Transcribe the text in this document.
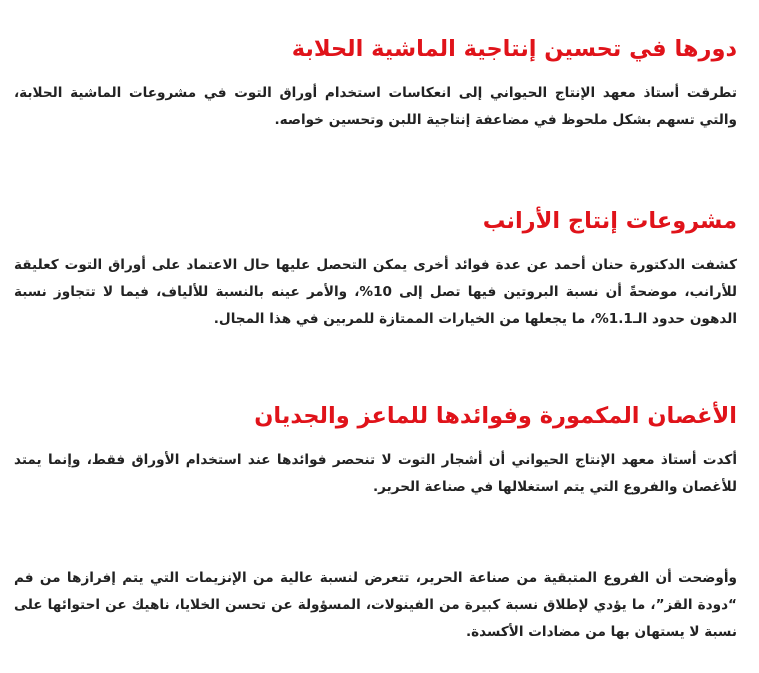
دورها في تحسين إنتاجية الماشية الحلابة

تطرقت أستاذ معهد الإنتاج الحيواني إلى انعكاسات استخدام أوراق التوت في مشروعات الماشية الحلابة، والتي تسهم بشكل ملحوظ في مضاعفة إنتاجية اللبن وتحسين خواصه.

مشروعات إنتاج الأرانب

كشفت الدكتورة حنان أحمد عن عدة فوائد أخرى يمكن التحصل عليها حال الاعتماد على أوراق التوت كعليقة للأرانب، موضحةً أن نسبة البروتين فيها تصل إلى 10%، والأمر عينه بالنسبة للألياف، فيما لا تتجاوز نسبة الدهون حدود الـ1.1%، ما يجعلها من الخيارات الممتازة للمربين في هذا المجال.

الأغصان المكمورة وفوائدها للماعز والجديان

أكدت أستاذ معهد الإنتاج الحيواني أن أشجار التوت لا تنحصر فوائدها عند استخدام الأوراق فقط، وإنما يمتد للأغصان والفروع التي يتم استغلالها في صناعة الحرير.

وأوضحت أن الفروع المتبقية من صناعة الحرير، تتعرض لنسبة عالية من الإنزيمات التي يتم إفرازها من فم “دودة القز”، ما يؤدي لإطلاق نسبة كبيرة من الفينولات، المسؤولة عن تحسن الخلايا، ناهيك عن احتوائها على نسبة لا يستهان بها من مضادات الأكسدة.
